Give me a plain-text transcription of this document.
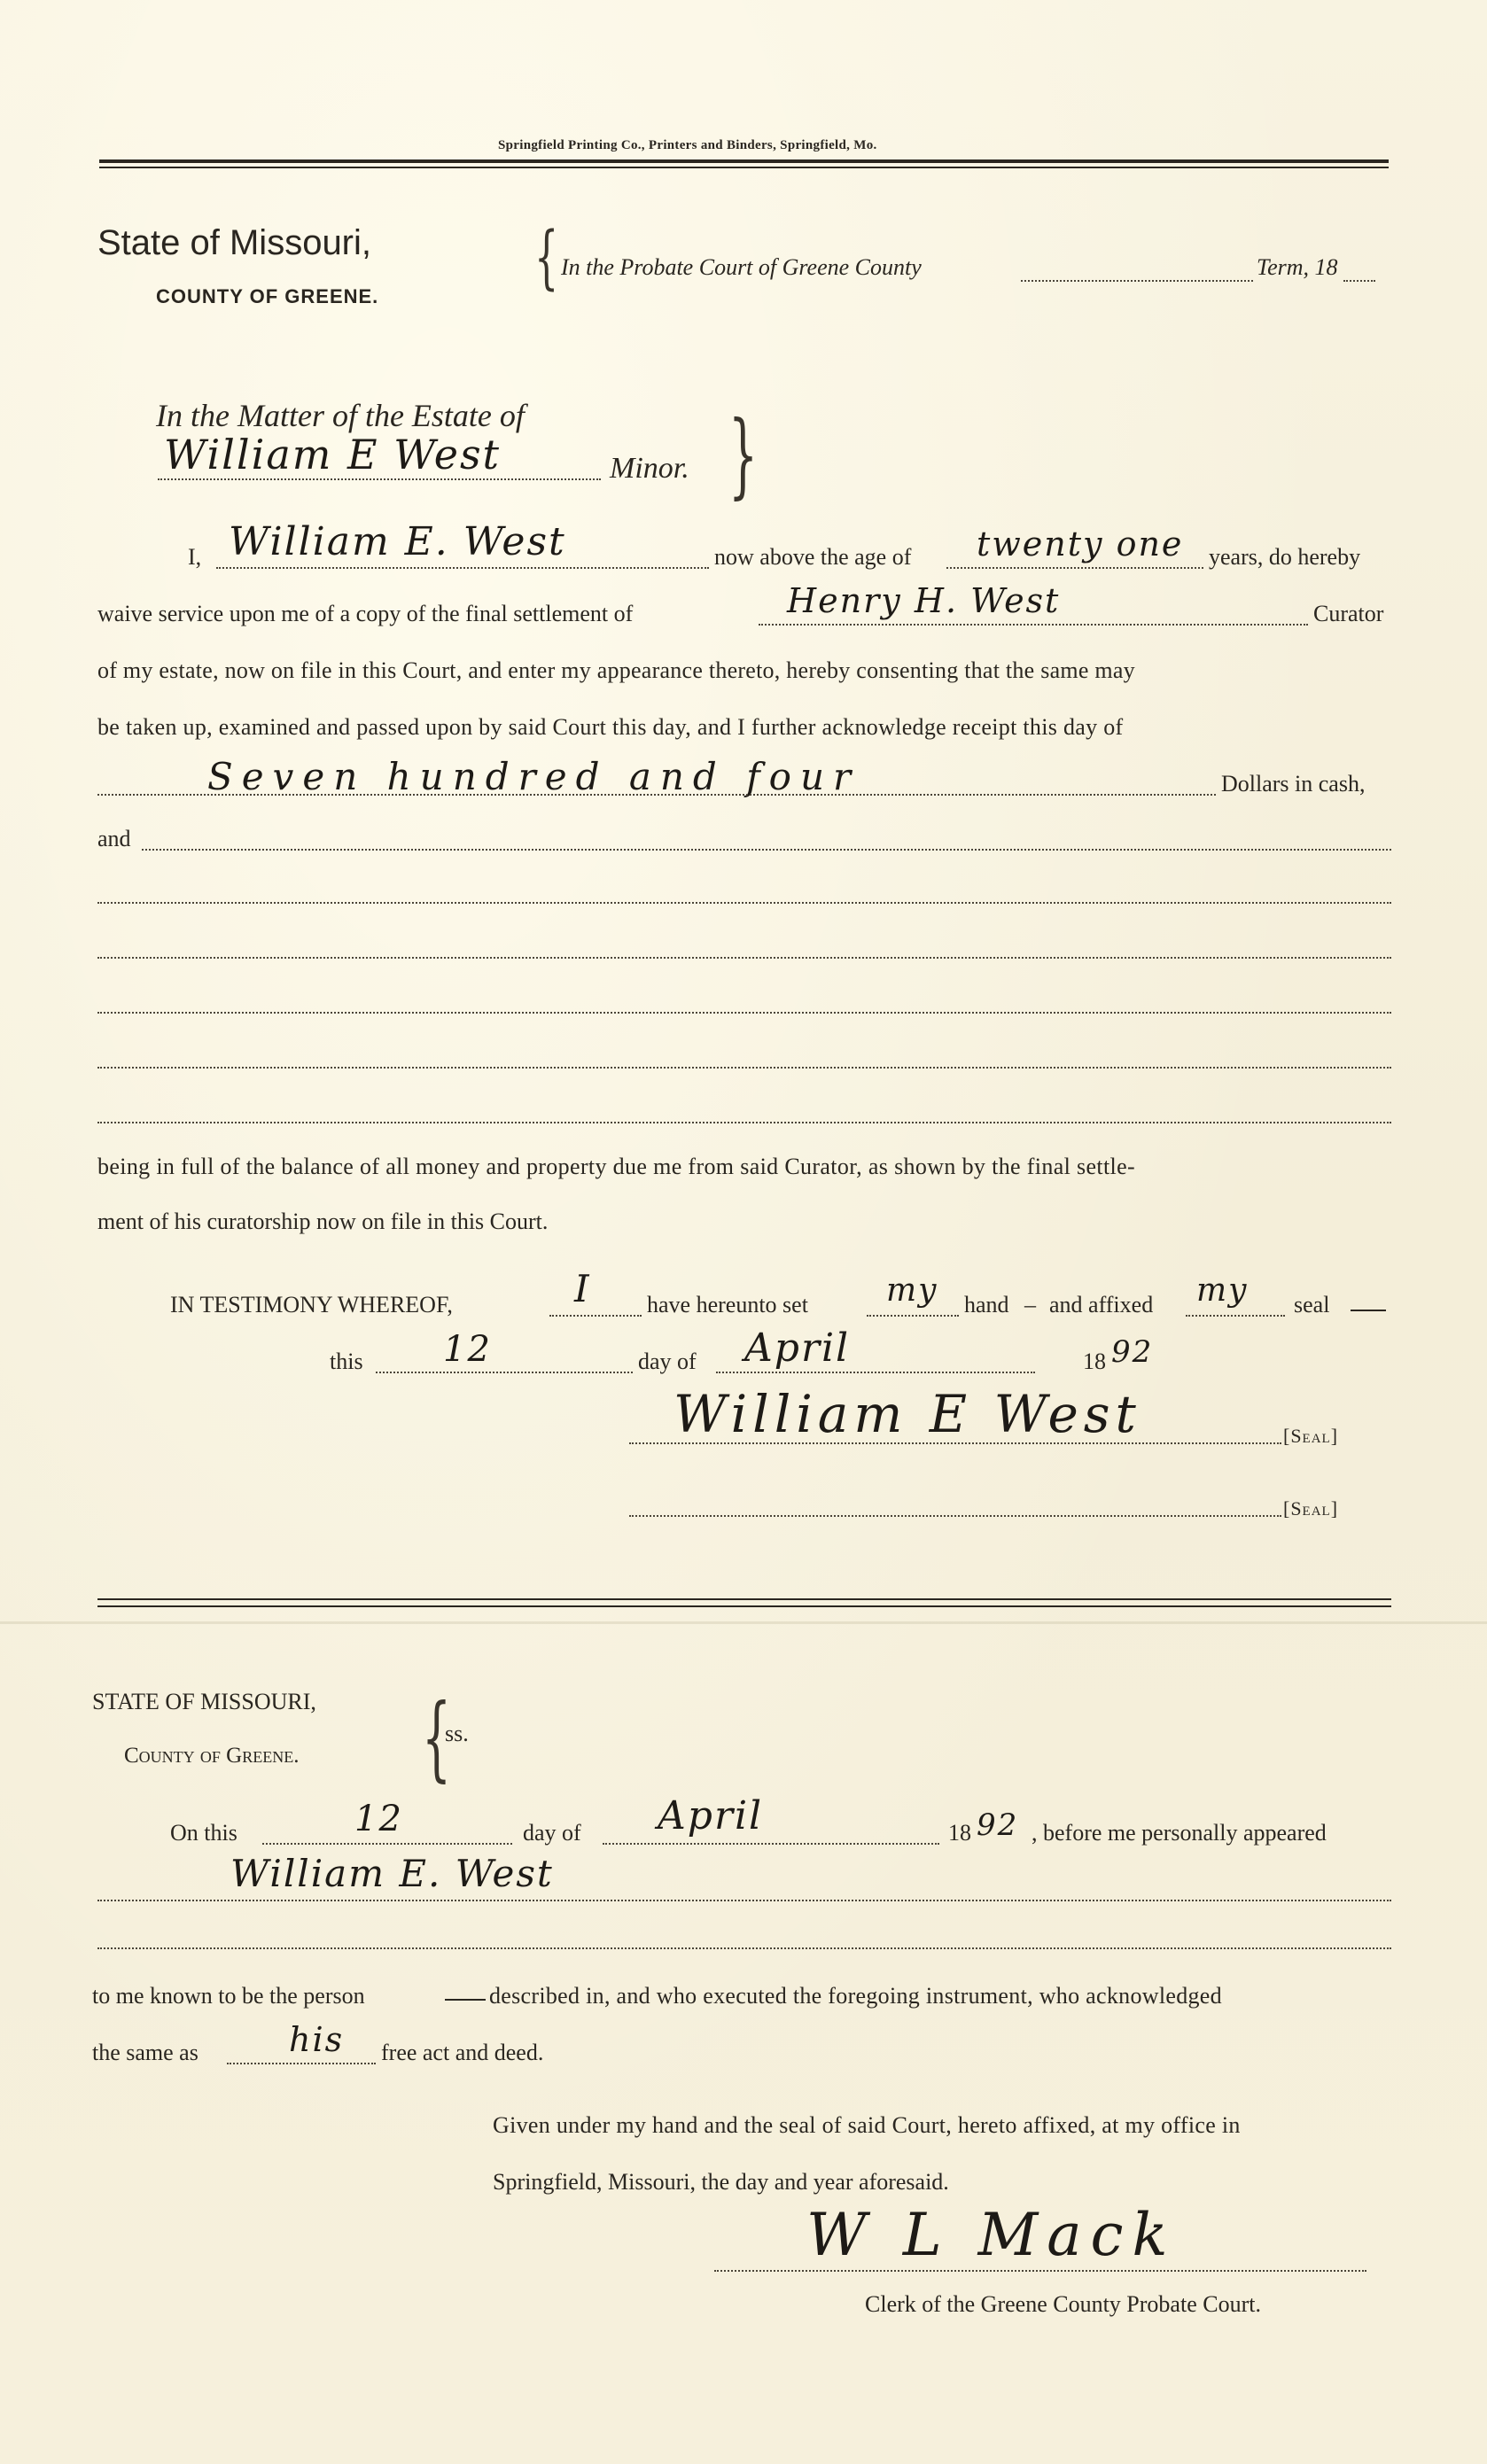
Springfield Printing Co., Printers and Binders, Springfield, Mo.
State of Missouri,
COUNTY OF GREENE. { In the Probate Court of Greene County	Term, 18
In the Matter of the Estate of
William E West	Minor. }
I, William E. West	now above the age of twenty one years, do hereby
waive service upon me of a copy of the final settlement of	Henry H. West	Curator
of my estate, now on file in this Court, and enter my appearance thereto, hereby consenting that the same may
be taken up, examined and passed upon by said Court this day, and I further acknowledge receipt this day of
Seven hundred and four	Dollars in cash,
and
being in full of the balance of all money and property due me from said Curator, as shown by the final settle-
ment of his curatorship now on file in this Court.
IN TESTIMONY WHEREOF,	I have hereunto set my hand – and affixed my seal
this 12	day of April	18 92
William E West	[Seal]
[Seal]
STATE OF MISSOURI,
County of Greene. {
ss.
On this	12	day of April	18 92 , before me personally appeared
William E. West
to me known to be the person	described in, and who executed the foregoing instrument, who acknowledged
the same as	his free act and deed.
Given under my hand and the seal of said Court, hereto affixed, at my office in
Springfield, Missouri, the day and year aforesaid.
W L Mack
Clerk of the Greene County Probate Court.
